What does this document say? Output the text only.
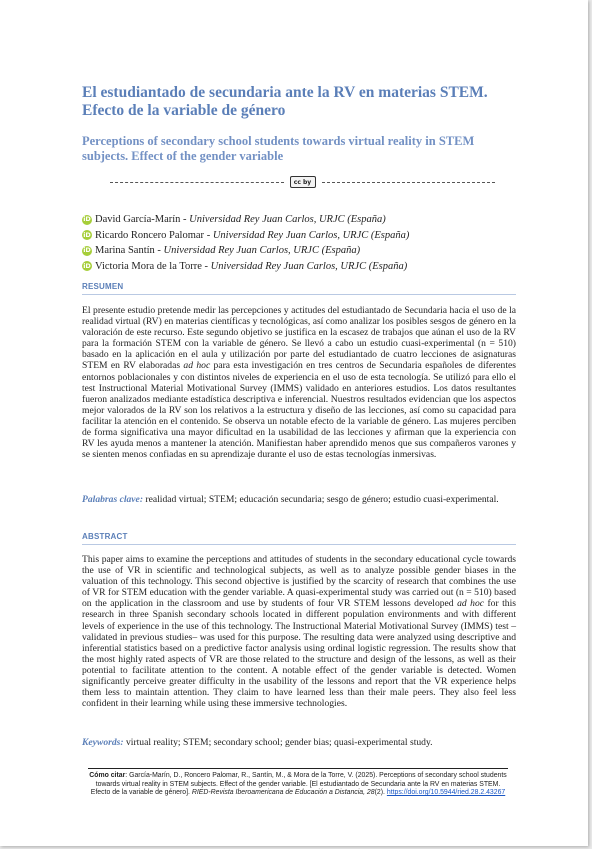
El estudiantado de secundaria ante la RV en materias STEM. Efecto de la variable de género
Perceptions of secondary school students towards virtual reality in STEM subjects. Effect of the gender variable
cc by
iD David García-Marín - Universidad Rey Juan Carlos, URJC (España)
iD Ricardo Roncero Palomar - Universidad Rey Juan Carlos, URJC (España)
iD Marina Santín - Universidad Rey Juan Carlos, URJC (España)
iD Victoria Mora de la Torre - Universidad Rey Juan Carlos, URJC (España)
RESUMEN
El presente estudio pretende medir las percepciones y actitudes del estudiantado de Secundaria hacia el uso de la realidad virtual (RV) en materias científicas y tecnológicas, así como analizar los posibles sesgos de género en la valoración de este recurso. Este segundo objetivo se justifica en la escasez de trabajos que aúnan el uso de la RV para la formación STEM con la variable de género. Se llevó a cabo un estudio cuasi-experimental (n = 510) basado en la aplicación en el aula y utilización por parte del estudiantado de cuatro lecciones de asignaturas STEM en RV elaboradas ad hoc para esta investigación en tres centros de Secundaria españoles de diferentes entornos poblacionales y con distintos niveles de experiencia en el uso de esta tecnología. Se utilizó para ello el test Instructional Material Motivational Survey (IMMS) validado en anteriores estudios. Los datos resultantes fueron analizados mediante estadística descriptiva e inferencial. Nuestros resultados evidencian que los aspectos mejor valorados de la RV son los relativos a la estructura y diseño de las lecciones, así como su capacidad para facilitar la atención en el contenido. Se observa un notable efecto de la variable de género. Las mujeres perciben de forma significativa una mayor dificultad en la usabilidad de las lecciones y afirman que la experiencia con RV les ayuda menos a mantener la atención. Manifiestan haber aprendido menos que sus compañeros varones y se sienten menos confiadas en su aprendizaje durante el uso de estas tecnologías inmersivas.
Palabras clave: realidad virtual; STEM; educación secundaria; sesgo de género; estudio cuasi-experimental.
ABSTRACT
This paper aims to examine the perceptions and attitudes of students in the secondary educational cycle towards the use of VR in scientific and technological subjects, as well as to analyze possible gender biases in the valuation of this technology. This second objective is justified by the scarcity of research that combines the use of VR for STEM education with the gender variable. A quasi-experimental study was carried out (n = 510) based on the application in the classroom and use by students of four VR STEM lessons developed ad hoc for this research in three Spanish secondary schools located in different population environments and with different levels of experience in the use of this technology. The Instructional Material Motivational Survey (IMMS) test –validated in previous studies– was used for this purpose. The resulting data were analyzed using descriptive and inferential statistics based on a predictive factor analysis using ordinal logistic regression. The results show that the most highly rated aspects of VR are those related to the structure and design of the lessons, as well as their potential to facilitate attention to the content. A notable effect of the gender variable is detected. Women significantly perceive greater difficulty in the usability of the lessons and report that the VR experience helps them less to maintain attention. They claim to have learned less than their male peers. They also feel less confident in their learning while using these immersive technologies.
Keywords: virtual reality; STEM; secondary school; gender bias; quasi-experimental study.
Cómo citar: García-Marín, D., Roncero Palomar, R., Santín, M., & Mora de la Torre, V. (2025). Perceptions of secondary school students towards virtual reality in STEM subjects. Effect of the gender variable. [El estudiantado de Secundaria ante la RV en materias STEM. Efecto de la variable de género]. RIED-Revista Iberoamericana de Educación a Distancia, 28(2). https://doi.org/10.5944/ried.28.2.43267
